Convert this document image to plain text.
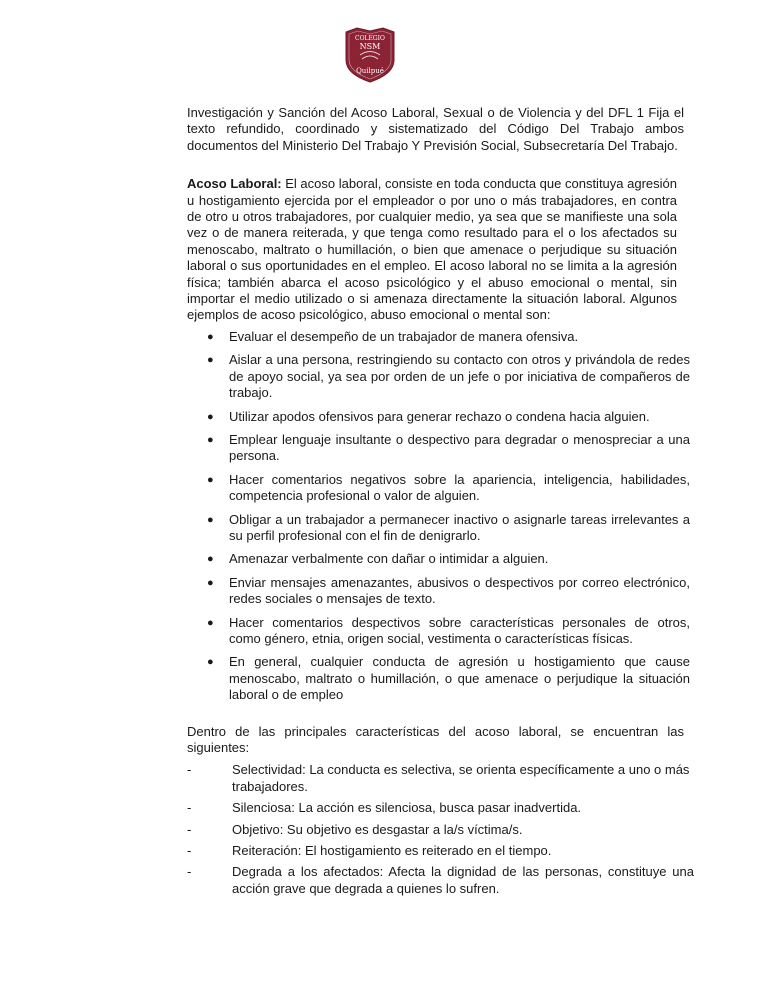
COLEGIO
NSM
Quilpué

Investigación y Sanción del Acoso Laboral, Sexual o de Violencia y del DFL 1 Fija el texto refundido, coordinado y sistematizado del Código Del Trabajo ambos documentos del Ministerio Del Trabajo Y Previsión Social, Subsecretaría Del Trabajo.

Acoso Laboral: El acoso laboral, consiste en toda conducta que constituya agresión u hostigamiento ejercida por el empleador o por uno o más trabajadores, en contra de otro u otros trabajadores, por cualquier medio, ya sea que se manifieste una sola vez o de manera reiterada, y que tenga como resultado para el o los afectados su menoscabo, maltrato o humillación, o bien que amenace o perjudique su situación laboral o sus oportunidades en el empleo. El acoso laboral no se limita a la agresión física; también abarca el acoso psicológico y el abuso emocional o mental, sin importar el medio utilizado o si amenaza directamente la situación laboral. Algunos ejemplos de acoso psicológico, abuso emocional o mental son:

● Evaluar el desempeño de un trabajador de manera ofensiva.
● Aislar a una persona, restringiendo su contacto con otros y privándola de redes de apoyo social, ya sea por orden de un jefe o por iniciativa de compañeros de trabajo.
● Utilizar apodos ofensivos para generar rechazo o condena hacia alguien.
● Emplear lenguaje insultante o despectivo para degradar o menospreciar a una persona.
● Hacer comentarios negativos sobre la apariencia, inteligencia, habilidades, competencia profesional o valor de alguien.
● Obligar a un trabajador a permanecer inactivo o asignarle tareas irrelevantes a su perfil profesional con el fin de denigrarlo.
● Amenazar verbalmente con dañar o intimidar a alguien.
● Enviar mensajes amenazantes, abusivos o despectivos por correo electrónico, redes sociales o mensajes de texto.
● Hacer comentarios despectivos sobre características personales de otros, como género, etnia, origen social, vestimenta o características físicas.
● En general, cualquier conducta de agresión u hostigamiento que cause menoscabo, maltrato o humillación, o que amenace o perjudique la situación laboral o de empleo

Dentro de las principales características del acoso laboral, se encuentran las siguientes:

- Selectividad: La conducta es selectiva, se orienta específicamente a uno o más trabajadores.
- Silenciosa: La acción es silenciosa, busca pasar inadvertida.
- Objetivo: Su objetivo es desgastar a la/s víctima/s.
- Reiteración: El hostigamiento es reiterado en el tiempo.
- Degrada a los afectados: Afecta la dignidad de las personas, constituye una acción grave que degrada a quienes lo sufren.
